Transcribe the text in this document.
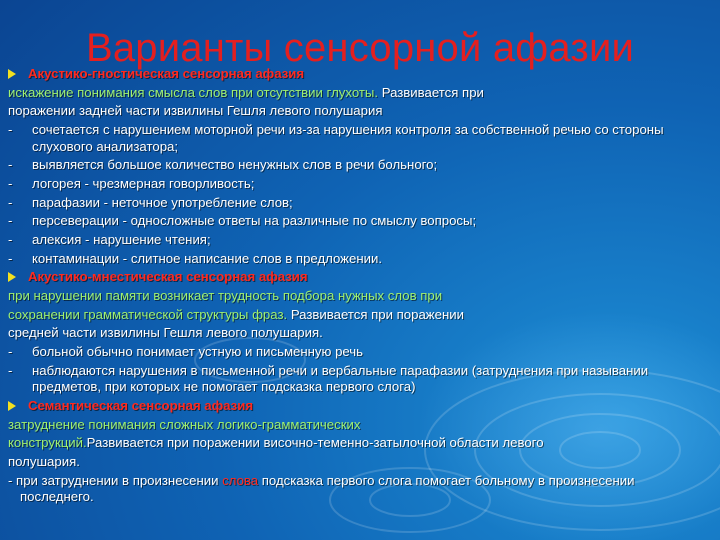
Варианты сенсорной афазии
Акустико-гностическая сенсорная афазия
искажение понимания смысла слов при отсутствии глухоты. Развивается при
поражении задней части извилины Гешля левого полушария
- сочетается с нарушением моторной речи из-за нарушения контроля за собственной речью со стороны слухового анализатора;
- выявляется большое количество ненужных слов в речи больного;
- логорея - чрезмерная говорливость;
- парафазии - неточное употребление слов;
- персеверации - односложные ответы на различные по смыслу вопросы;
- алексия - нарушение чтения;
- контаминации - слитное написание слов в предложении.
Акустико-мнестическая сенсорная афазия
при нарушении памяти возникает трудность подбора нужных слов при
сохранении грамматической структуры фраз. Развивается при поражении
средней части извилины Гешля левого полушария.
- больной обычно понимает устную и письменную речь
- наблюдаются нарушения в письменной речи и вербальные парафазии (затруднения при назывании предметов, при которых не помогает подсказка первого слога)
Семантическая сенсорная афазия
затруднение понимания сложных логико-грамматических
конструкций.Развивается при поражении височно-теменно-затылочной области левого
полушария.
- при затруднении в произнесении слова подсказка первого слога помогает больному в произнесении последнего.
